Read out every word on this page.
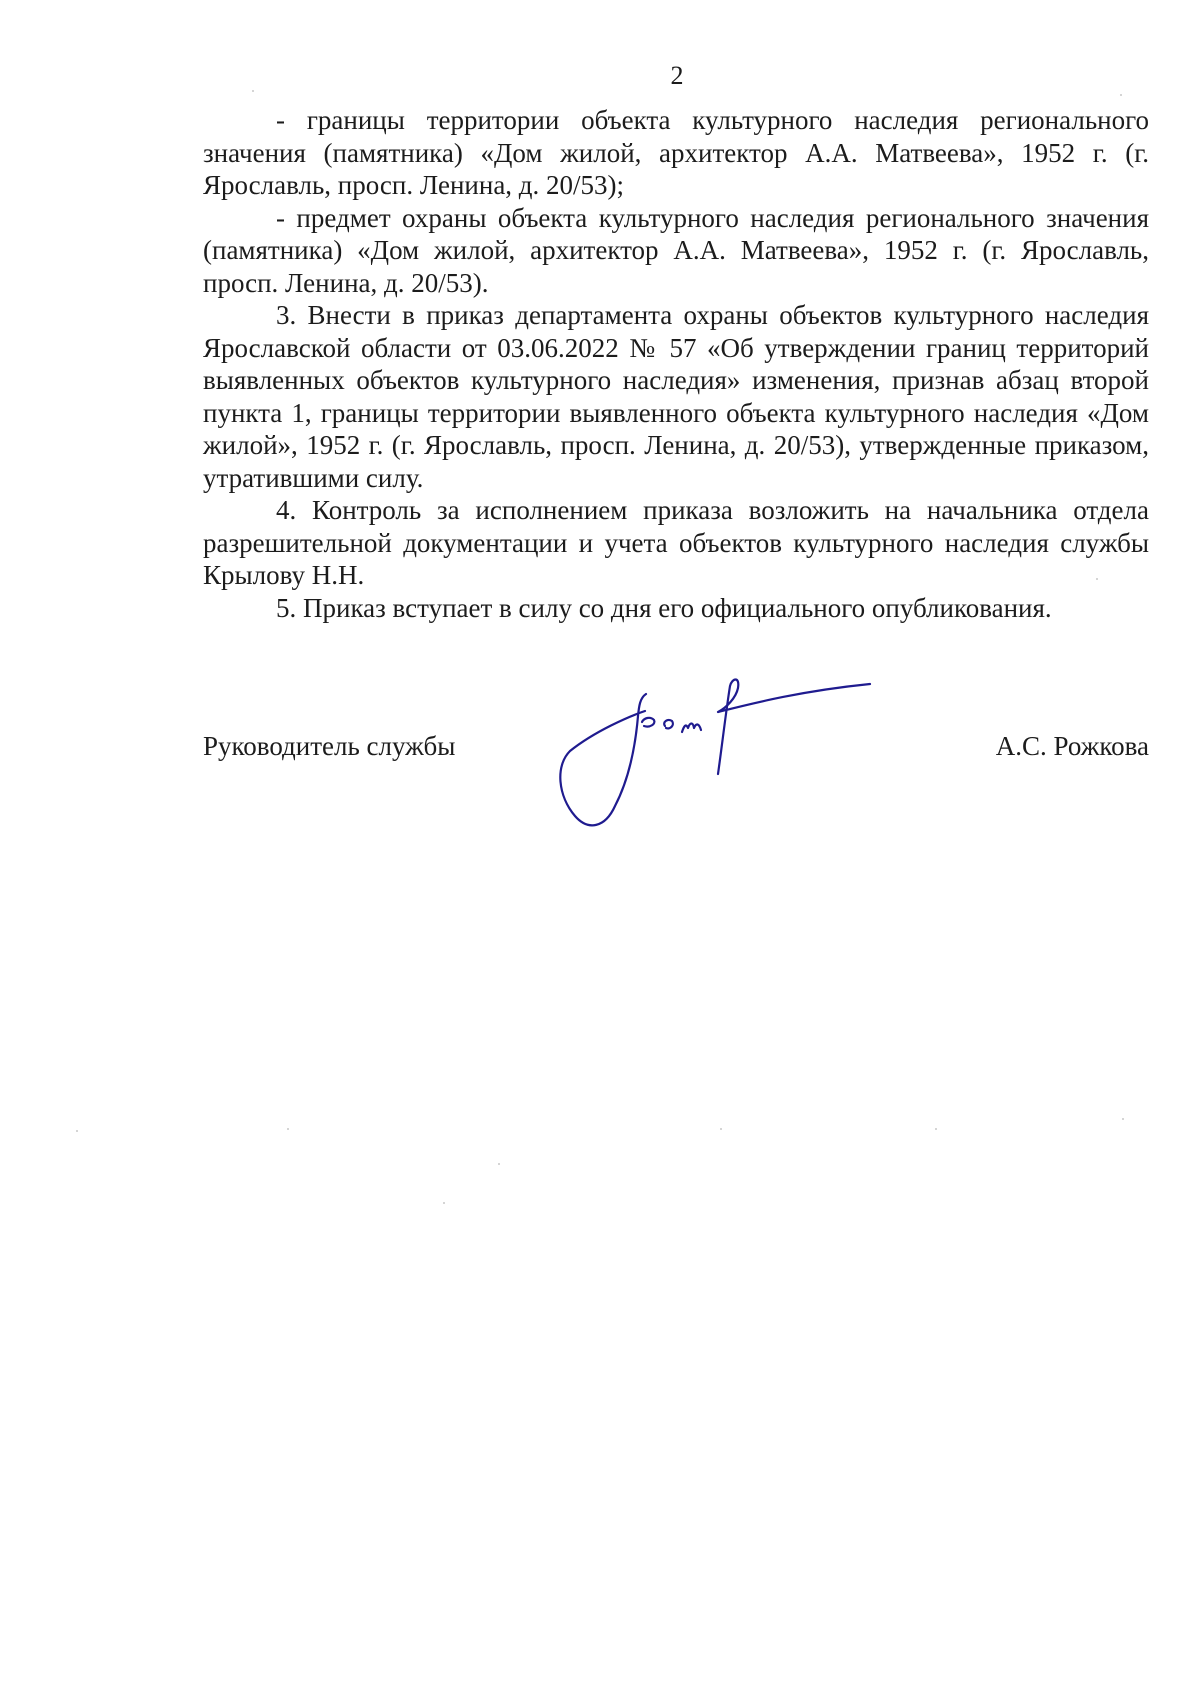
2

- границы территории объекта культурного наследия регионального значения (памятника) «Дом жилой, архитектор А.А. Матвеева», 1952 г. (г. Ярославль, просп. Ленина, д. 20/53);

- предмет охраны объекта культурного наследия регионального значения (памятника) «Дом жилой, архитектор А.А. Матвеева», 1952 г. (г. Ярославль, просп. Ленина, д. 20/53).

3. Внести в приказ департамента охраны объектов культурного наследия Ярославской области от 03.06.2022 № 57 «Об утверждении границ территорий выявленных объектов культурного наследия» изменения, признав абзац второй пункта 1, границы территории выявленного объекта культурного наследия «Дом жилой», 1952 г. (г. Ярославль, просп. Ленина, д. 20/53), утвержденные приказом, утратившими силу.

4. Контроль за исполнением приказа возложить на начальника отдела разрешительной документации и учета объектов культурного наследия службы Крылову Н.Н.

5. Приказ вступает в силу со дня его официального опубликования.

Руководитель службы	А.С. Рожкова
